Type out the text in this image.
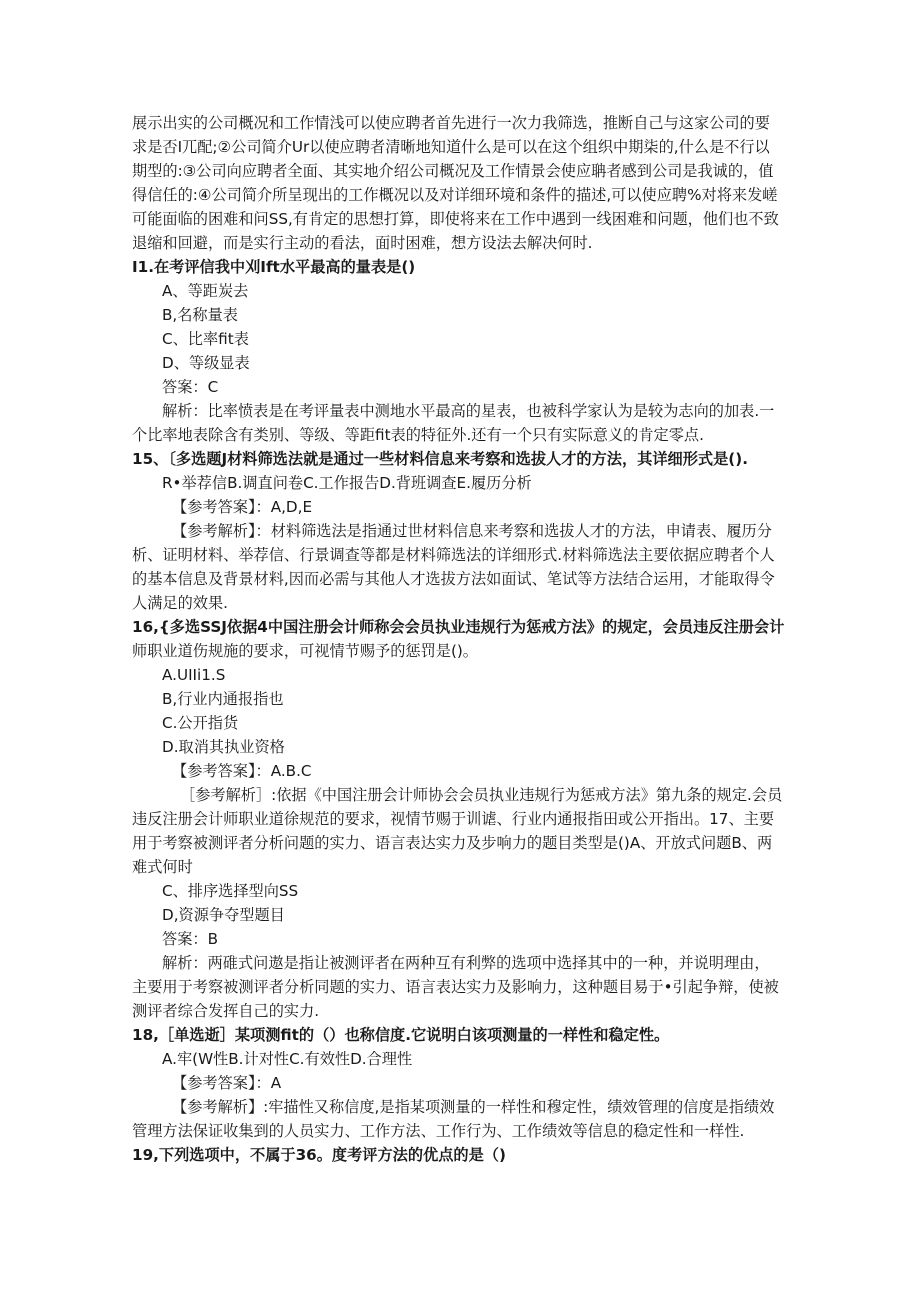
展示出实的公司概况和工作情浅可以使应聘者首先进行一次力我筛选，推断自己与这家公司的要
求是否I兀配;②公司简介Ur以使应聘者清晰地知道什么是可以在这个组织中期柒的,什么是不行以
期型的:③公司向应聘者全面、其实地介绍公司概况及工作情景会使应聃者感到公司是我诚的，值
得信任的:④公司简介所呈现出的工作概况以及对详细环境和条件的描述,可以使应聘%对将来发嵯
可能面临的困难和问SS,有肯定的思想打算，即使将来在工作中遇到一线困难和问题，他们也不致
退缩和回避，而是实行主动的看法，面时困难，想方设法去解决何时.
I1.在考评信我中刈Ift水平最高的量表是()
A、等距炭去
B,名称量表
C、比率fit表
D、等级显表
答案：C
解析：比率愤表是在考评量表中测地水平最高的星表，也被科学家认为是较为志向的加表.一
个比率地表除含有类别、等级、等距fit表的特征外.还有一个只有实际意义的肯定零点.
15、〔多选题J材料筛选法就是通过一些材料信息来考察和选拔人才的方法，其详细形式是().
R•举荐信B.调直问卷C.工作报告D.背班调查E.履历分析
【参考答案】：A,D,E
【参考解析】：材料筛选法是指通过世材料信息来考察和选拔人才的方法，申请表、履历分
析、证明材料、举荐信、行景调查等都是材料筛选法的详细形式.材料筛选法主要依据应聘者个人
的基本信息及背景材料,因而必需与其他人才选拔方法如面试、笔试等方法结合运用，才能取得令
人满足的效果.
16,{多选SSJ依据4中国注册会计师称会会员执业违规行为惩戒方法》的规定，会员违反注册会计
师职业道伤规施的要求，可视情节赐予的惩罚是()。
A.UIIi1.S
B,行业内通报指也
C.公开指货
D.取消其执业资格
【参考答案】：A.B.C
［参考解析］:依据《中国注册会计师协会会员执业违规行为惩戒方法》第九条的规定.会员
违反注册会计师职业道徐规范的要求，视情节赐于训谑、行业内通报指田或公开指出。17、主要
用于考察被测评者分析问题的实力、语言表达实力及步响力的题目类型是()A、开放式问题B、两
难式何时
C、排序选择型向SS
D,资源争夺型题目
答案：B
解析：两碓式问遨是指让被测评者在两种互有利弊的选项中选择其中的一种，并说明理由，
主要用于考察被测评者分析同题的实力、语言表达实力及影响力，这种题目易于•引起争辩，使被
测评者综合发挥自己的实力.
18,［单选逝］某项测fit的（）也称信度.它说明白该项测量的一样性和稳定性。
A.牢(W性B.计对性C.有效性D.合理性
【参考答案】：A
【参考解析】:牢描性又称信度,是指某项测量的一样性和穆定性，绩效管理的信度是指绩效
管理方法保证收集到的人员实力、工作方法、工作行为、工作绩效等信息的稳定性和一样性.
19,下列选项中，不属于36。度考评方法的优点的是（)
